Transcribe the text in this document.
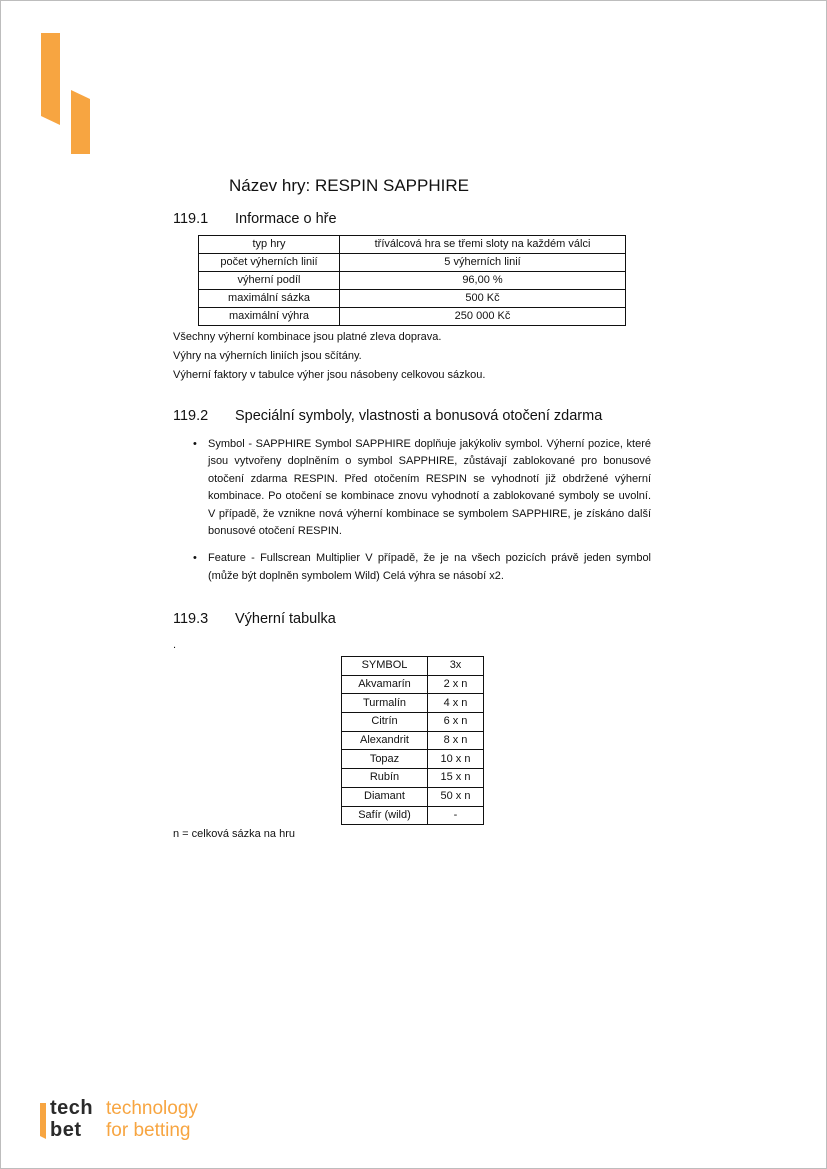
Název hry: RESPIN SAPPHIRE
119.1 Informace o hře
typ hry	tříválcová hra se třemi sloty na každém válci
počet výherních linií	5 výherních linií
výherní podíl	96,00 %
maximální sázka	500 Kč
maximální výhra	250 000 Kč
Všechny výherní kombinace jsou platné zleva doprava.
Výhry na výherních liniích jsou sčítány.
Výherní faktory v tabulce výher jsou násobeny celkovou sázkou.
119.2 Speciální symboly, vlastnosti a bonusová otočení zdarma
• Symbol - SAPPHIRE Symbol SAPPHIRE doplňuje jakýkoliv symbol. Výherní pozice, které jsou vytvořeny doplněním o symbol SAPPHIRE, zůstávají zablokované pro bonusové otočení zdarma RESPIN. Před otočením RESPIN se vyhodnotí již obdržené výherní kombinace. Po otočení se kombinace znovu vyhodnotí a zablokované symboly se uvolní. V případě, že vznikne nová výherní kombinace se symbolem SAPPHIRE, je získáno další bonusové otočení RESPIN.
• Feature - Fullscrean Multiplier V případě, že je na všech pozicích právě jeden symbol (může být doplněn symbolem Wild) Celá výhra se násobí x2.
119.3 Výherní tabulka
.
SYMBOL	3x
Akvamarín	2 x n
Turmalín	4 x n
Citrín	6 x n
Alexandrit	8 x n
Topaz	10 x n
Rubín	15 x n
Diamant	50 x n
Safír (wild)	-
n = celková sázka na hru
tech
bet
technology
for betting
